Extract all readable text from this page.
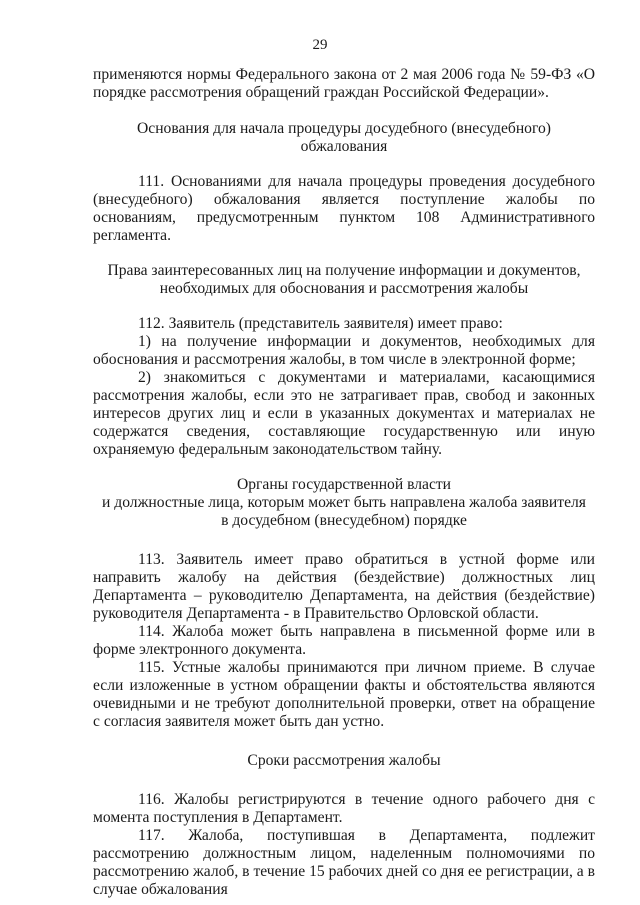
29

применяются нормы Федерального закона от 2 мая 2006 года № 59-ФЗ «О порядке рассмотрения обращений граждан Российской Федерации».

Основания для начала процедуры досудебного (внесудебного)

обжалования

111. Основаниями для начала процедуры проведения досудебного (внесудебного) обжалования является поступление жалобы по основаниям, предусмотренным пунктом 108 Административного регламента.

Права заинтересованных лиц на получение информации и документов,

необходимых для обоснования и рассмотрения жалобы

112. Заявитель (представитель заявителя) имеет право:

1) на получение информации и документов, необходимых для обоснования и рассмотрения жалобы, в том числе в электронной форме;

2) знакомиться с документами и материалами, касающимися рассмотрения жалобы, если это не затрагивает прав, свобод и законных интересов других лиц и если в указанных документах и материалах не содержатся сведения, составляющие государственную или иную охраняемую федеральным законодательством тайну.

Органы государственной власти

и должностные лица, которым может быть направлена жалоба заявителя

в досудебном (внесудебном) порядке

113. Заявитель имеет право обратиться в устной форме или направить жалобу на действия (бездействие) должностных лиц Департамента – руководителю Департамента, на действия (бездействие) руководителя Департамента - в Правительство Орловской области.

114. Жалоба может быть направлена в письменной форме или в форме электронного документа.

115. Устные жалобы принимаются при личном приеме. В случае если изложенные в устном обращении факты и обстоятельства являются очевидными и не требуют дополнительной проверки, ответ на обращение с согласия заявителя может быть дан устно.

Сроки рассмотрения жалобы

116. Жалобы регистрируются в течение одного рабочего дня с момента поступления в Департамент.

117. Жалоба, поступившая в Департамента, подлежит рассмотрению должностным лицом, наделенным полномочиями по рассмотрению жалоб, в течение 15 рабочих дней со дня ее регистрации, а в случае обжалования
